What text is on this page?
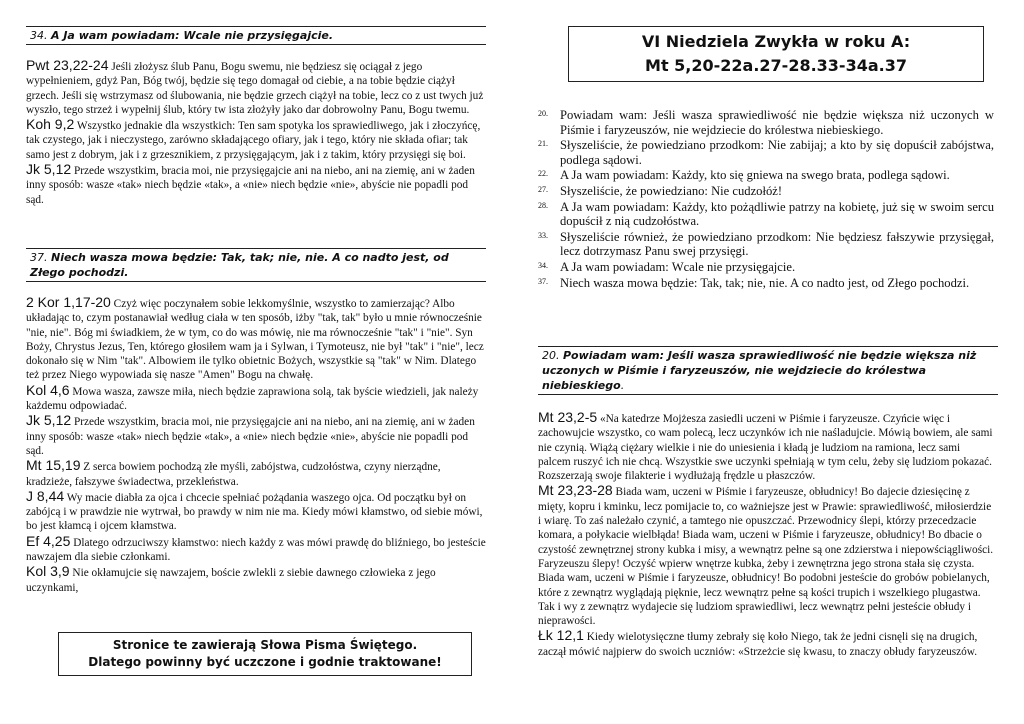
34. A Ja wam powiadam: Wcale nie przysięgajcie.

Pwt 23,22-24 Jeśli złożysz ślub Panu, Bogu swemu, nie będziesz się ociągał z jego wypełnieniem, gdyż Pan, Bóg twój, będzie się tego domagał od ciebie, a na tobie będzie ciążył grzech. Jeśli się wstrzymasz od ślubowania, nie będzie grzech ciążył na tobie, lecz co z ust twych już wyszło, tego strzeż i wypełnij ślub, który tw ista złożyły jako dar dobrowolny Panu, Bogu twemu.

Koh 9,2 Wszystko jednakie dla wszystkich: Ten sam spotyka los sprawiedliwego, jak i złoczyńcę, tak czystego, jak i nieczystego, zarówno składającego ofiary, jak i tego, który nie składa ofiar; tak samo jest z dobrym, jak i z grzesznikiem, z przysięgającym, jak i z takim, który przysięgi się boi.

Jk 5,12 Przede wszystkim, bracia moi, nie przysięgajcie ani na niebo, ani na ziemię, ani w żaden inny sposób: wasze «tak» niech będzie «tak», a «nie» niech będzie «nie», abyście nie popadli pod sąd.

37. Niech wasza mowa będzie: Tak, tak; nie, nie. A co nadto jest, od Złego pochodzi.

2 Kor 1,17-20 Czyż więc poczynałem sobie lekkomyślnie, wszystko to zamierzając? Albo układając to, czym postanawiał według ciała w ten sposób, iżby "tak, tak" było u mnie równocześnie "nie, nie". Bóg mi świadkiem, że w tym, co do was mówię, nie ma równocześnie "tak" i "nie". Syn Boży, Chrystus Jezus, Ten, którego głosiłem wam ja i Sylwan, i Tymoteusz, nie był "tak" i "nie", lecz dokonało się w Nim "tak". Albowiem ile tylko obietnic Bożych, wszystkie są "tak" w Nim. Dlatego też przez Niego wypowiada się nasze "Amen" Bogu na chwałę.

Kol 4,6 Mowa wasza, zawsze miła, niech będzie zaprawiona solą, tak byście wiedzieli, jak należy każdemu odpowiadać.

Jk 5,12 Przede wszystkim, bracia moi, nie przysięgajcie ani na niebo, ani na ziemię, ani w żaden inny sposób: wasze «tak» niech będzie «tak», a «nie» niech będzie «nie», abyście nie popadli pod sąd.

Mt 15,19 Z serca bowiem pochodzą złe myśli, zabójstwa, cudzołóstwa, czyny nierządne, kradzieże, fałszywe świadectwa, przekleństwa.

J 8,44 Wy macie diabła za ojca i chcecie spełniać pożądania waszego ojca. Od początku był on zabójcą i w prawdzie nie wytrwał, bo prawdy w nim nie ma. Kiedy mówi kłamstwo, od siebie mówi, bo jest kłamcą i ojcem kłamstwa.

Ef 4,25 Dlatego odrzuciwszy kłamstwo: niech każdy z was mówi prawdę do bliźniego, bo jesteście nawzajem dla siebie członkami.

Kol 3,9 Nie okłamujcie się nawzajem, boście zwlekli z siebie dawnego człowieka z jego uczynkami,

Stronice te zawierają Słowa Pisma Świętego.
Dlatego powinny być uczczone i godnie traktowane!
VI Niedziela Zwykła w roku A:
Mt 5,20-22a.27-28.33-34a.37

20. Powiadam wam: Jeśli wasza sprawiedliwość nie będzie większa niż uczonych w Piśmie i faryzeuszów, nie wejdziecie do królestwa niebieskiego.

21. Słyszeliście, że powiedziano przodkom: Nie zabijaj; a kto by się dopuścił zabójstwa, podlega sądowi.

22. A Ja wam powiadam: Każdy, kto się gniewa na swego brata, podlega sądowi.

27. Słyszeliście, że powiedziano: Nie cudzołóż!

28. A Ja wam powiadam: Każdy, kto pożądliwie patrzy na kobietę, już się w swoim sercu dopuścił z nią cudzołóstwa.

33. Słyszeliście również, że powiedziano przodkom: Nie będziesz fałszywie przysięgał, lecz dotrzymasz Panu swej przysięgi.

34. A Ja wam powiadam: Wcale nie przysięgajcie.

37. Niech wasza mowa będzie: Tak, tak; nie, nie. A co nadto jest, od Złego pochodzi.

20. Powiadam wam: Jeśli wasza sprawiedliwość nie będzie większa niż uczonych w Piśmie i faryzeuszów, nie wejdziecie do królestwa niebieskiego.

Mt 23,2-5 «Na katedrze Mojżesza zasiedli uczeni w Piśmie i faryzeusze. Czyńcie więc i zachowujcie wszystko, co wam polecą, lecz uczynków ich nie naśladujcie. Mówią bowiem, ale sami nie czynią. Wiążą ciężary wielkie i nie do uniesienia i kładą je ludziom na ramiona, lecz sami palcem ruszyć ich nie chcą. Wszystkie swe uczynki spełniają w tym celu, żeby się ludziom pokazać. Rozszerzają swoje filakterie i wydłużają frędzle u płaszczów.

Mt 23,23-28 Biada wam, uczeni w Piśmie i faryzeusze, obłudnicy! Bo dajecie dziesięcinę z mięty, kopru i kminku, lecz pomijacie to, co ważniejsze jest w Prawie: sprawiedliwość, miłosierdzie i wiarę. To zaś należało czynić, a tamtego nie opuszczać. Przewodnicy ślepi, którzy przecedzacie komara, a połykacie wielbłąda! Biada wam, uczeni w Piśmie i faryzeusze, obłudnicy! Bo dbacie o czystość zewnętrznej strony kubka i misy, a wewnątrz pełne są one zdzierstwa i niepowściągliwości. Faryzeuszu ślepy! Oczyść wpierw wnętrze kubka, żeby i zewnętrzna jego strona stała się czysta. Biada wam, uczeni w Piśmie i faryzeusze, obłudnicy! Bo podobni jesteście do grobów pobielanych, które z zewnątrz wyglądają pięknie, lecz wewnątrz pełne są kości trupich i wszelkiego plugastwa. Tak i wy z zewnątrz wydajecie się ludziom sprawiedliwi, lecz wewnątrz pełni jesteście obłudy i nieprawości.

Łk 12,1 Kiedy wielotysięczne tłumy zebrały się koło Niego, tak że jedni cisnęli się na drugich, zaczął mówić najpierw do swoich uczniów: «Strzeżcie się kwasu, to znaczy obłudy faryzeuszów.
